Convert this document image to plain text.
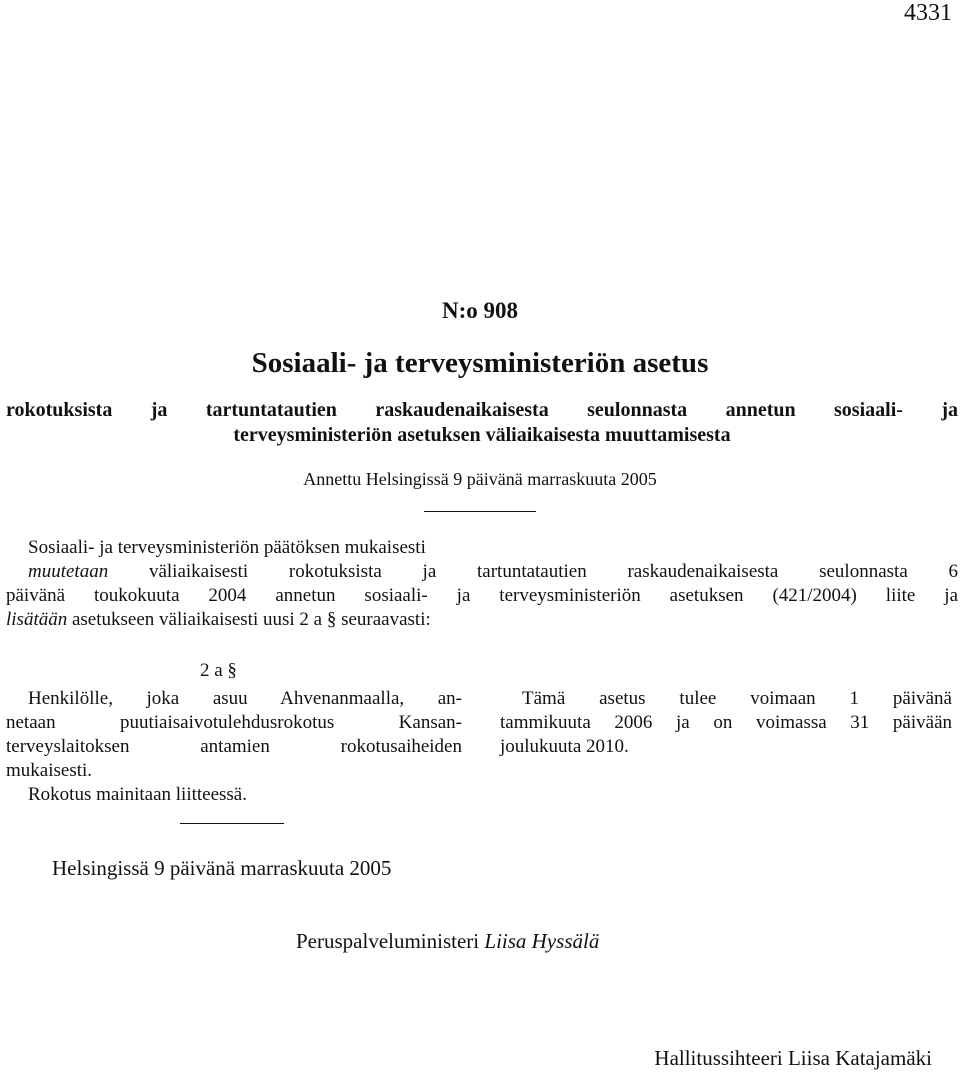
4331
N:o 908
Sosiaali- ja terveysministeriön asetus
rokotuksista ja tartuntatautien raskaudenaikaisesta seulonnasta annetun sosiaali- ja
terveysministeriön asetuksen väliaikaisesta muuttamisesta
Annettu Helsingissä 9 päivänä marraskuuta 2005
Sosiaali- ja terveysministeriön päätöksen mukaisesti
muutetaan väliaikaisesti rokotuksista ja tartuntatautien raskaudenaikaisesta seulonnasta 6
päivänä toukokuuta 2004 annetun sosiaali- ja terveysministeriön asetuksen (421/2004) liite ja
lisätään asetukseen väliaikaisesti uusi 2 a § seuraavasti:
2 a §
Henkilölle, joka asuu Ahvenanmaalla, an-
netaan puutiaisaivotulehdusrokotus Kansan-
terveyslaitoksen antamien rokotusaiheiden
mukaisesti.
Rokotus mainitaan liitteessä.
Tämä asetus tulee voimaan 1 päivänä
tammikuuta 2006 ja on voimassa 31 päivään
joulukuuta 2010.
Helsingissä 9 päivänä marraskuuta 2005
Peruspalveluministeri Liisa Hyssälä
Hallitussihteeri Liisa Katajamäki
